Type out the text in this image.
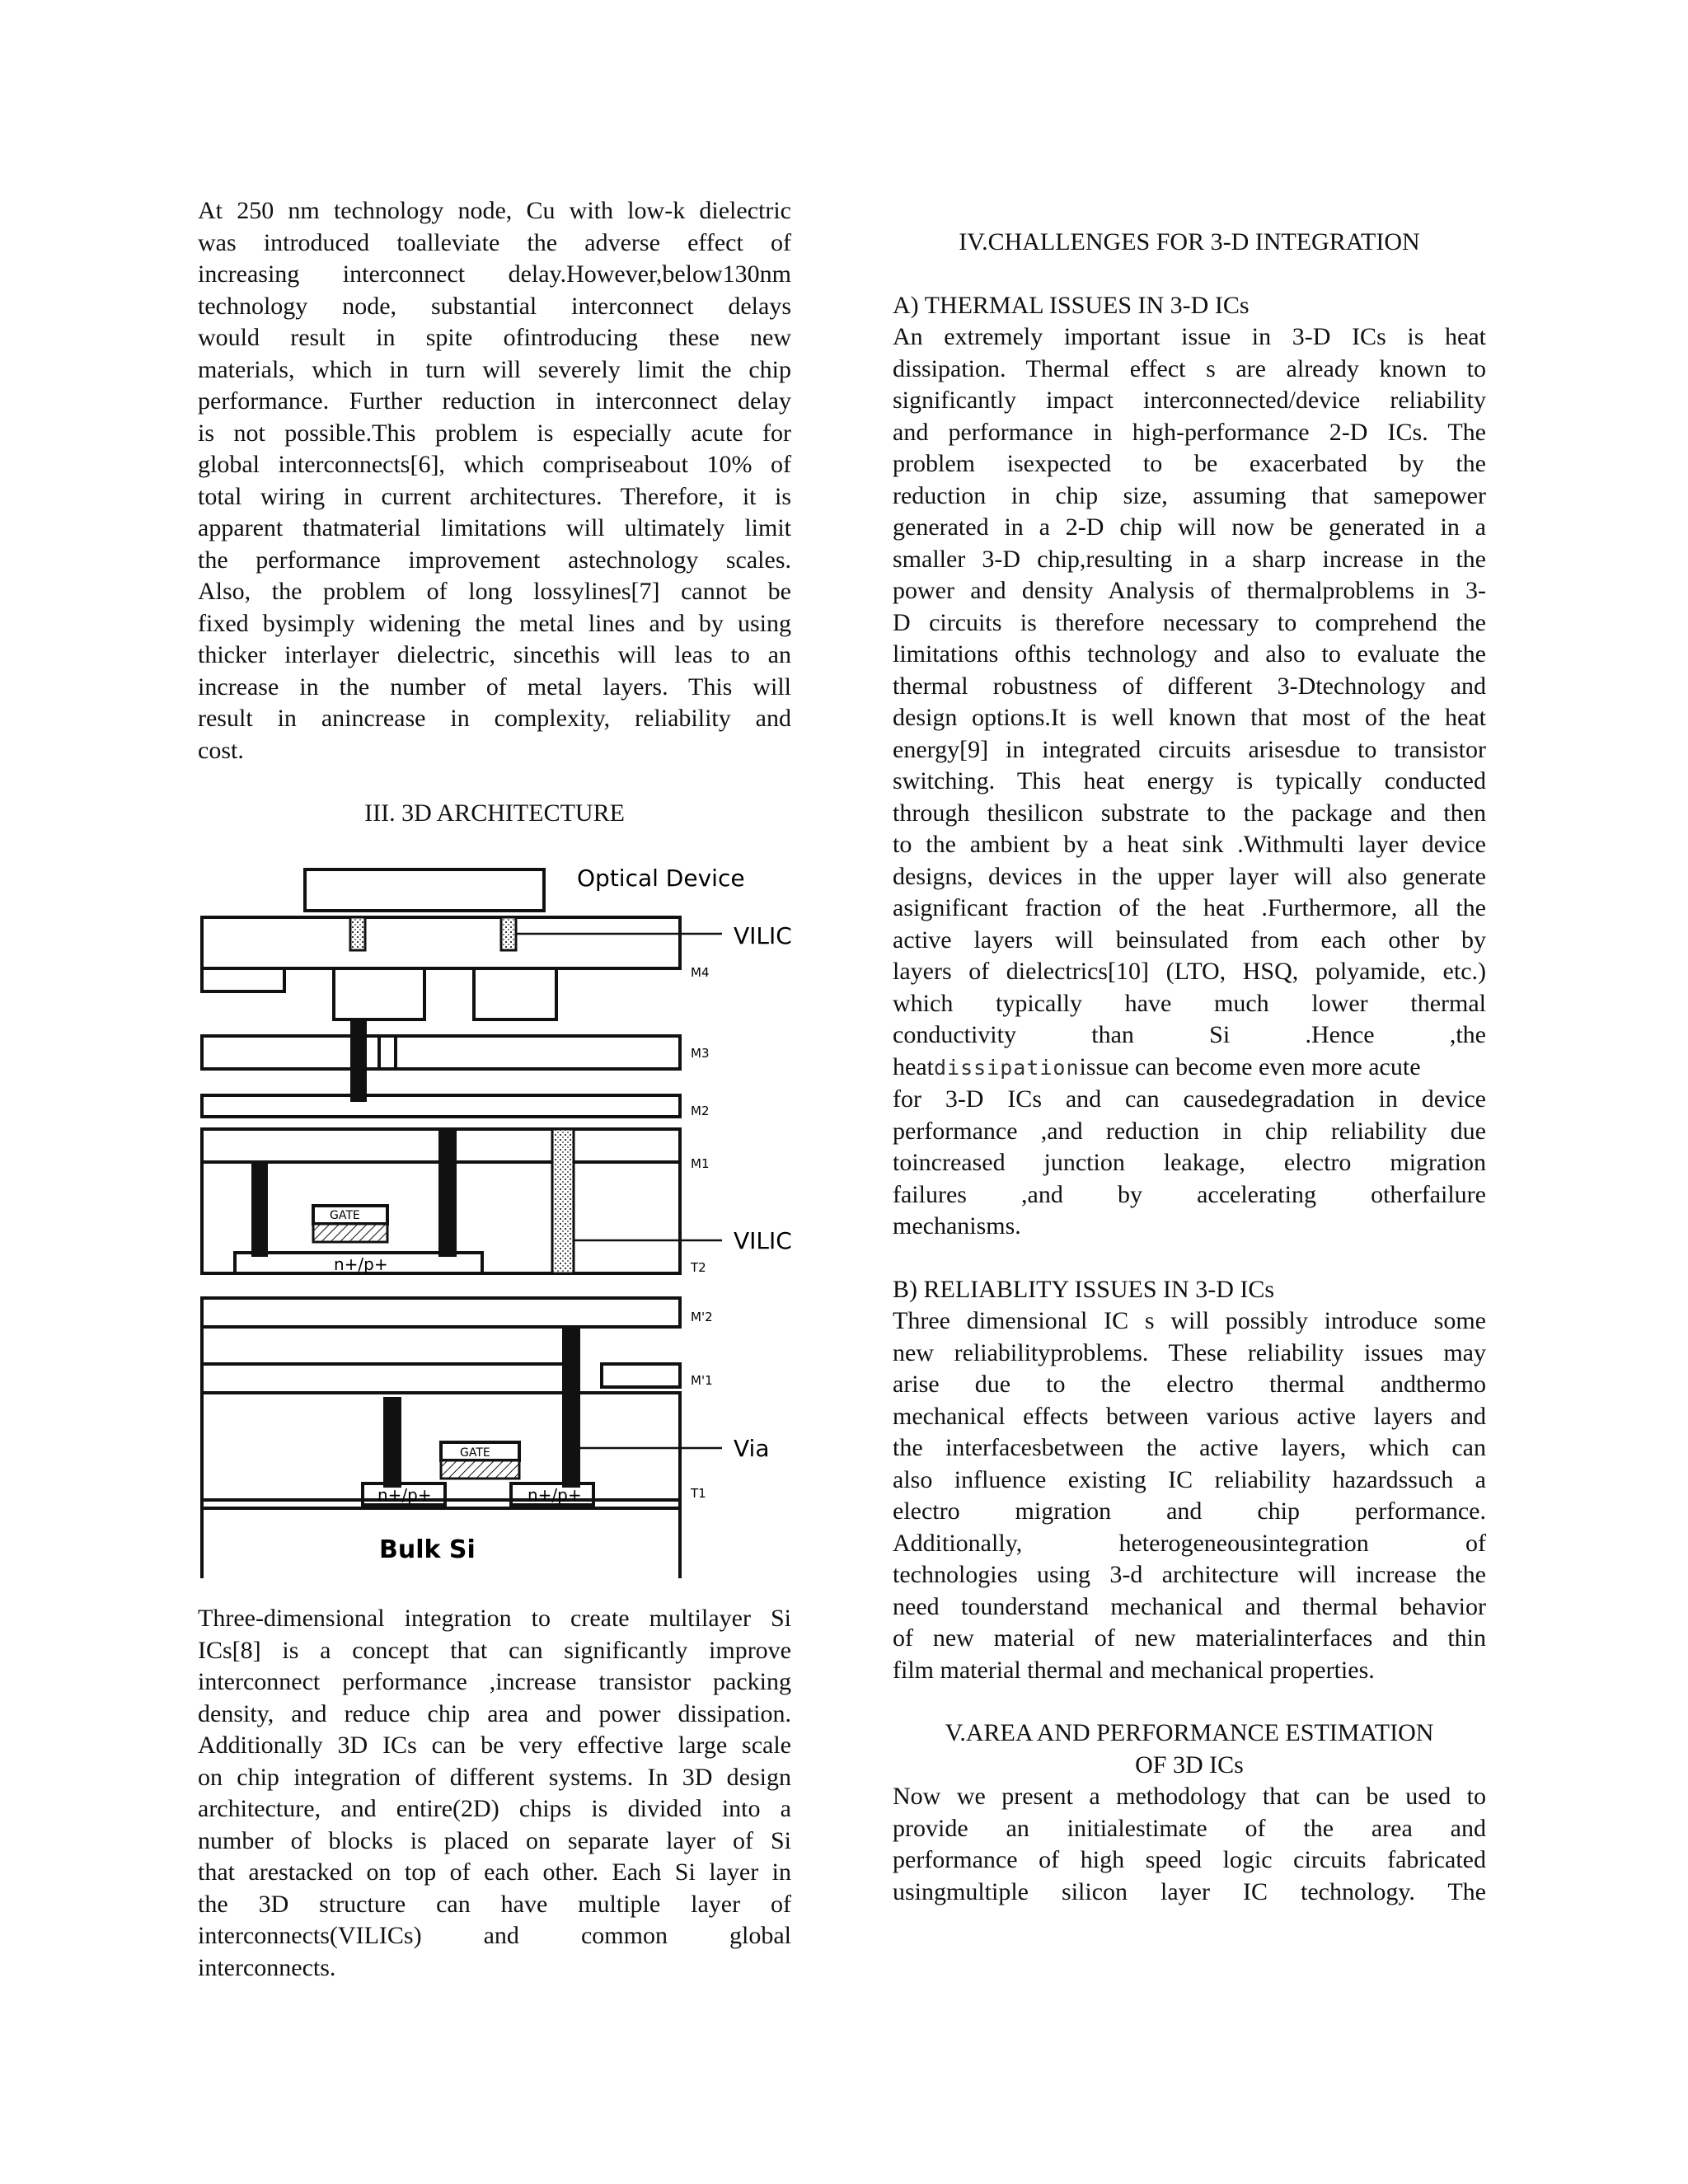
At 250 nm technology node, Cu with low-k dielectric
was introduced toalleviate the adverse effect of
increasing interconnect delay.However,below130nm
technology node, substantial interconnect delays
would result in spite ofintroducing these new
materials, which in turn will severely limit the chip
performance. Further reduction in interconnect delay
is not possible.This problem is especially acute for
global interconnects[6], which compriseabout 10% of
total wiring in current architectures. Therefore, it is
apparent thatmaterial limitations will ultimately limit
the performance improvement astechnology scales.
Also, the problem of long lossylines[7] cannot be
fixed bysimply widening the metal lines and by using
thicker interlayer dielectric, sincethis will leas to an
increase in the number of metal layers. This will
result in anincrease in complexity, reliability and
cost.

III. 3D ARCHITECTURE

Optical Device
VILIC
VILIC
Via
Bulk Si
GATE
GATE
n+/p+
n+/p+	n+/p+
M4
M3
M2
M1
T2
M'2
M'1
T1

Three-dimensional integration to create multilayer Si
ICs[8] is a concept that can significantly improve
interconnect performance ,increase transistor packing
density, and reduce chip area and power dissipation.
Additionally 3D ICs can be very effective large scale
on chip integration of different systems. In 3D design
architecture, and entire(2D) chips is divided into a
number of blocks is placed on separate layer of Si
that arestacked on top of each other. Each Si layer in
the 3D structure can have multiple layer of
interconnects(VILICs) and common global
interconnects.

IV.CHALLENGES FOR 3-D INTEGRATION

A) THERMAL ISSUES IN 3-D ICs

An extremely important issue in 3-D ICs is heat
dissipation. Thermal effect s are already known to
significantly impact interconnected/device reliability
and performance in high-performance 2-D ICs. The
problem isexpected to be exacerbated by the
reduction in chip size, assuming that samepower
generated in a 2-D chip will now be generated in a
smaller 3-D chip,resulting in a sharp increase in the
power and density Analysis of thermalproblems in 3-
D circuits is therefore necessary to comprehend the
limitations ofthis technology and also to evaluate the
thermal robustness of different 3-Dtechnology and
design options.It is well known that most of the heat
energy[9] in integrated circuits arisesdue to transistor
switching. This heat energy is typically conducted
through thesilicon substrate to the package and then
to the ambient by a heat sink .Withmulti layer device
designs, devices in the upper layer will also generate
asignificant fraction of the heat .Furthermore, all the
active layers will beinsulated from each other by
layers of dielectrics[10] (LTO, HSQ, polyamide, etc.)
which typically have much lower thermal
conductivity than Si .Hence ,the
heatdissipationissue can become even more acute
for 3-D ICs and can causedegradation in device
performance ,and reduction in chip reliability due
toincreased junction leakage, electro migration
failures ,and by accelerating otherfailure
mechanisms.

B) RELIABLITY ISSUES IN 3-D ICs

Three dimensional IC s will possibly introduce some
new reliabilityproblems. These reliability issues may
arise due to the electro thermal andthermo
mechanical effects between various active layers and
the interfacesbetween the active layers, which can
also influence existing IC reliability hazardssuch a
electro migration and chip performance.
Additionally, heterogeneousintegration of
technologies using 3-d architecture will increase the
need tounderstand mechanical and thermal behavior
of new material of new materialinterfaces and thin
film material thermal and mechanical properties.

V.AREA AND PERFORMANCE ESTIMATION

OF 3D ICs

Now we present a methodology that can be used to
provide an initialestimate of the area and
performance of high speed logic circuits fabricated
usingmultiple silicon layer IC technology. The
